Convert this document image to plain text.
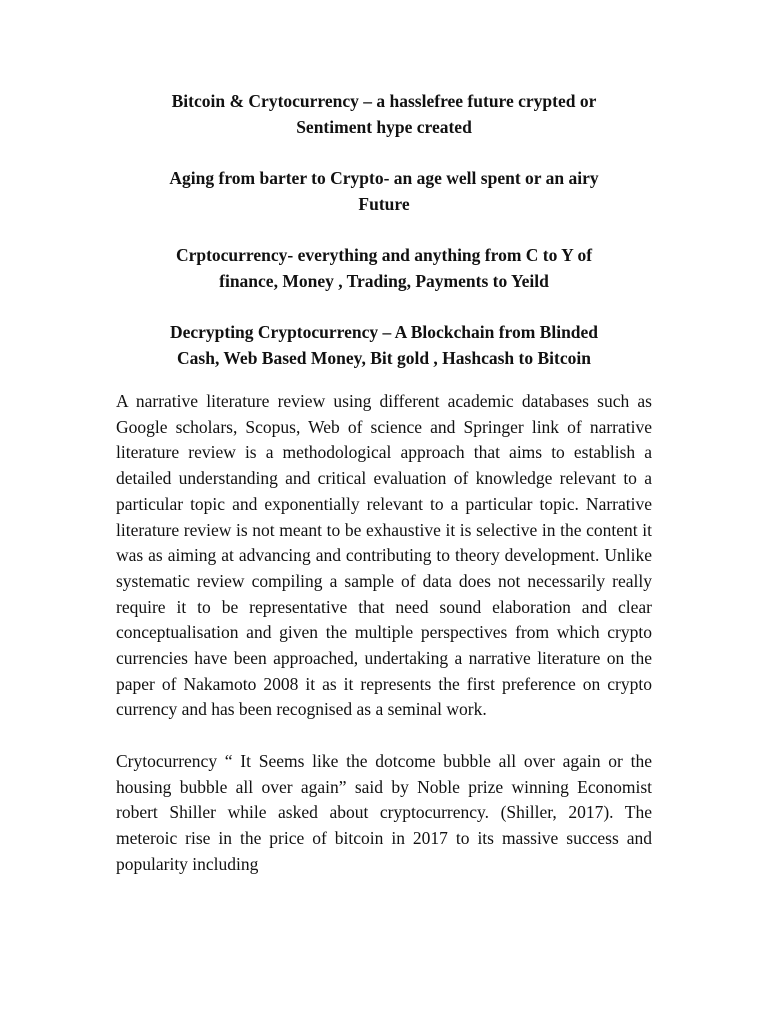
Bitcoin & Crytocurrency – a hasslefree future crypted or
Sentiment hype created
Aging from barter to Crypto- an age well spent or an airy
Future
Crptocurrency- everything and anything from C to Y of
finance, Money , Trading, Payments to Yeild
Decrypting Cryptocurrency – A Blockchain from Blinded
Cash, Web Based Money, Bit gold , Hashcash to Bitcoin

A narrative literature review using different academic databases such as Google scholars, Scopus, Web of science and Springer link of narrative literature review is a methodological approach that aims to establish a detailed understanding and critical evaluation of knowledge relevant to a particular topic and exponentially relevant to a particular topic. Narrative literature review is not meant to be exhaustive it is selective in the content it was as aiming at advancing and contributing to theory development. Unlike systematic review compiling a sample of data does not necessarily really require it to be representative that need sound elaboration and clear conceptualisation and given the multiple perspectives from which crypto currencies have been approached, undertaking a narrative literature on the paper of Nakamoto 2008 it as it represents the first preference on crypto currency and has been recognised as a seminal work.

Crytocurrency “ It Seems like the dotcome bubble all over again or the housing bubble all over again” said by Noble prize winning Economist robert Shiller while asked about cryptocurrency. (Shiller, 2017). The meteroic rise in the price of bitcoin in 2017 to its massive success and popularity including
